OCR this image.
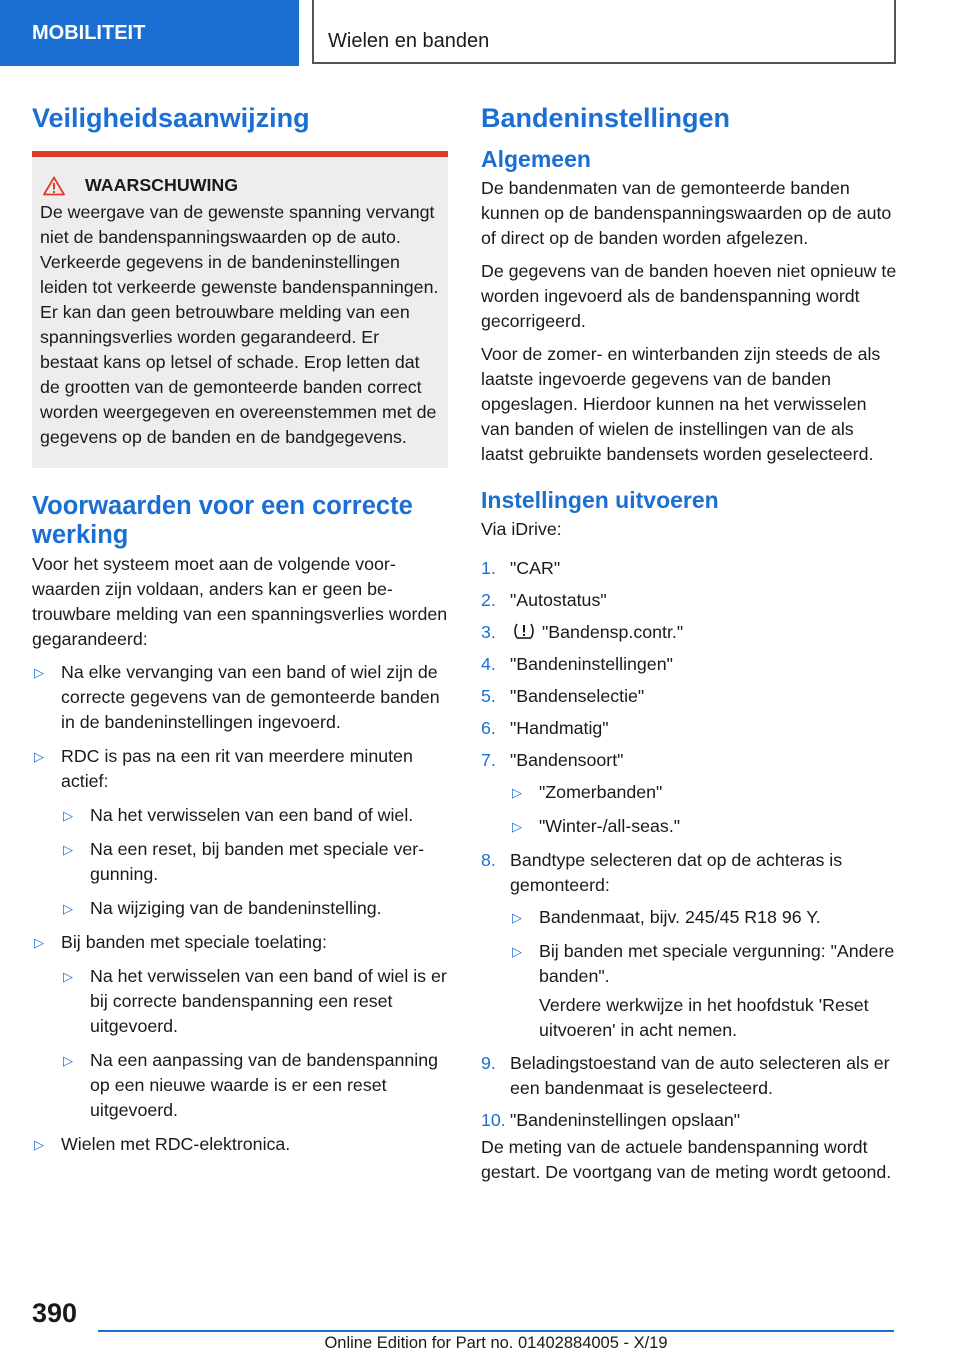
MOBILITEIT	Wielen en banden
Veiligheidsaanwijzing
WAARSCHUWING

De weergave van de gewenste spanning vervangt niet de bandenspanningswaarden op de auto. Verkeerde gegevens in de bandeninstellingen leiden tot verkeerde gewenste bandenspanningen. Er kan dan geen betrouwbare melding van een spanningsverlies worden gegarandeerd. Er bestaat kans op letsel of schade. Erop letten dat de grootten van de gemonteerde banden correct worden weergegeven en overeenstemmen met de gegevens op de banden en de bandgegevens.

Voorwaarden voor een correcte werking

Voor het systeem moet aan de volgende voorwaarden zijn voldaan, anders kan er geen betrouwbare melding van een spanningsverlies worden gegarandeerd:

▷ Na elke vervanging van een band of wiel zijn de correcte gegevens van de gemonteerde banden in de bandeninstellingen ingevoerd.
▷ RDC is pas na een rit van meerdere minuten actief:
▷ Na het verwisselen van een band of wiel.
▷ Na een reset, bij banden met speciale vergunning.
▷ Na wijziging van de bandeninstelling.
▷ Bij banden met speciale toelating:
▷ Na het verwisselen van een band of wiel is er bij correcte bandenspanning een reset uitgevoerd.
▷ Na een aanpassing van de bandenspanning op een nieuwe waarde is er een reset uitgevoerd.
▷ Wielen met RDC-elektronica.
Bandeninstellingen
Algemeen

De bandenmaten van de gemonteerde banden kunnen op de bandenspanningswaarden op de auto of direct op de banden worden afgelezen.

De gegevens van de banden hoeven niet opnieuw te worden ingevoerd als de bandenspanning wordt gecorrigeerd.

Voor de zomer- en winterbanden zijn steeds de als laatste ingevoerde gegevens van de banden opgeslagen. Hierdoor kunnen na het verwisselen van banden of wielen de instellingen van de als laatst gebruikte bandensets worden geselecteerd.

Instellingen uitvoeren

Via iDrive:

1. "CAR"
2. "Autostatus"
3.	"Bandensp.contr."
4. "Bandeninstellingen"
5. "Bandenselectie"
6. "Handmatig"
7. "Bandensoort"
▷ "Zomerbanden"
▷ "Winter-/all-seas."
8. Bandtype selecteren dat op de achteras is gemonteerd:
▷ Bandenmaat, bijv. 245/45 R18 96 Y.
▷ Bij banden met speciale vergunning: "Andere banden".

Verdere werkwijze in het hoofdstuk 'Reset uitvoeren' in acht nemen.

9. Beladingstoestand van de auto selecteren als er een bandenmaat is geselecteerd.
10. "Bandeninstellingen opslaan"

De meting van de actuele bandenspanning wordt gestart. De voortgang van de meting wordt getoond.

390
Online Edition for Part no. 01402884005 - X/19
